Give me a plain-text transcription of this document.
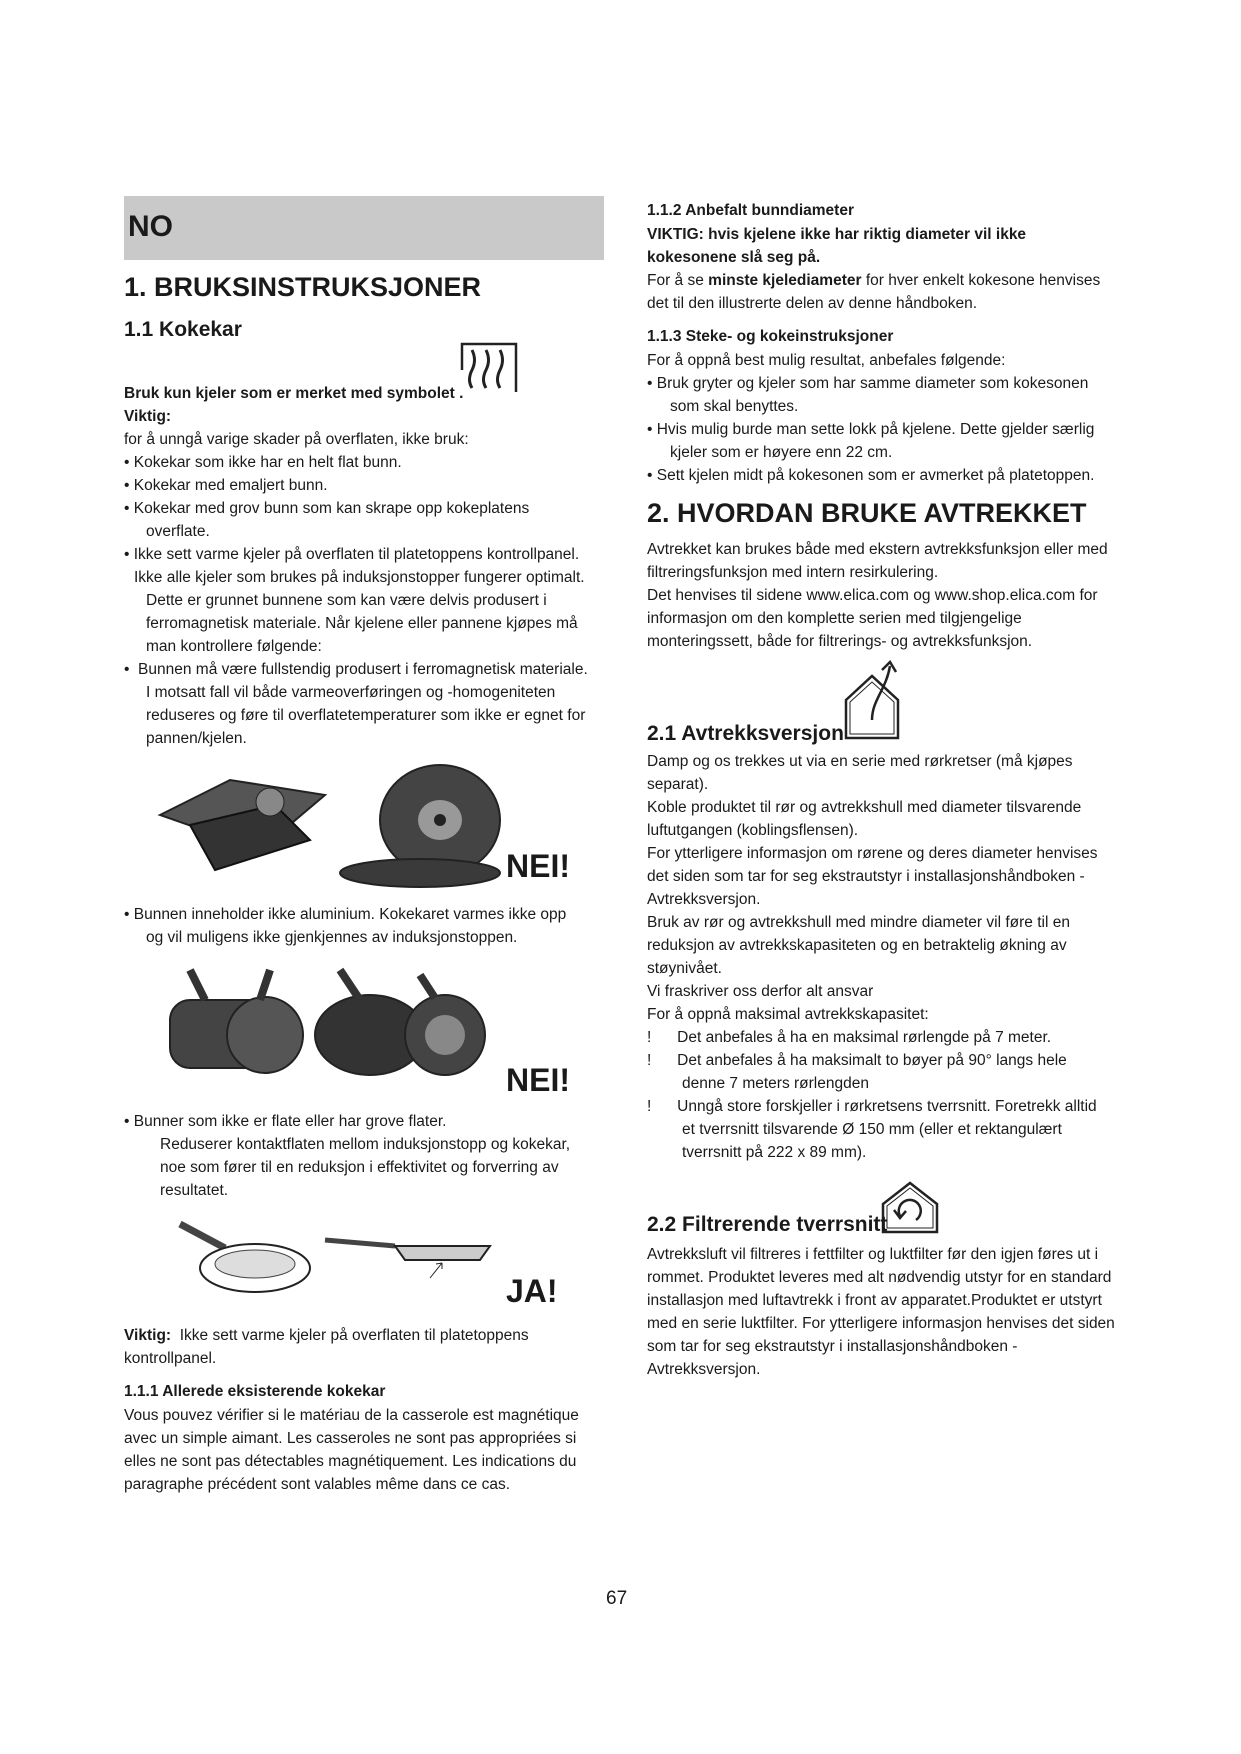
NO
1. BRUKSINSTRUKSJONER
1.1 Kokekar
Bruk kun kjeler som er merket med symbolet .
Viktig:
for å unngå varige skader på overflaten, ikke bruk:
• Kokekar som ikke har en helt flat bunn.
• Kokekar med emaljert bunn.
• Kokekar med grov bunn som kan skrape opp kokeplatens
overflate.
• Ikke sett varme kjeler på overflaten til platetoppens kontrollpanel.
Ikke alle kjeler som brukes på induksjonstopper fungerer optimalt.
Dette er grunnet bunnene som kan være delvis produsert i
ferromagnetisk materiale. Når kjelene eller pannene kjøpes må
man kontrollere følgende:
•  Bunnen må være fullstendig produsert i ferromagnetisk materiale.
I motsatt fall vil både varmeoverføringen og -homogeniteten
reduseres og føre til overflatetemperaturer som ikke er egnet for
pannen/kjelen.
NEI!
• Bunnen inneholder ikke aluminium. Kokekaret varmes ikke opp
og vil muligens ikke gjenkjennes av induksjonstoppen.
NEI!
• Bunner som ikke er flate eller har grove flater.
Reduserer kontaktflaten mellom induksjonstopp og kokekar,
noe som fører til en reduksjon i effektivitet og forverring av
resultatet.
JA!
Viktig: Ikke sett varme kjeler på overflaten til platetoppens
kontrollpanel.
1.1.1 Allerede eksisterende kokekar
Vous pouvez vérifier si le matériau de la casserole est magnétique
avec un simple aimant. Les casseroles ne sont pas appropriées si
elles ne sont pas détectables magnétiquement. Les indications du
paragraphe précédent sont valables même dans ce cas.
1.1.2 Anbefalt bunndiameter
VIKTIG: hvis kjelene ikke har riktig diameter vil ikke
kokesonene slå seg på.
For å se minste kjelediameter for hver enkelt kokesone henvises
det til den illustrerte delen av denne håndboken.
1.1.3 Steke- og kokeinstruksjoner
For å oppnå best mulig resultat, anbefales følgende:
• Bruk gryter og kjeler som har samme diameter som kokesonen
som skal benyttes.
• Hvis mulig burde man sette lokk på kjelene. Dette gjelder særlig
kjeler som er høyere enn 22 cm.
• Sett kjelen midt på kokesonen som er avmerket på platetoppen.
2. HVORDAN BRUKE AVTREKKET
Avtrekket kan brukes både med ekstern avtrekksfunksjon eller med
filtreringsfunksjon med intern resirkulering.
Det henvises til sidene www.elica.com og www.shop.elica.com for
informasjon om den komplette serien med tilgjengelige
monteringssett, både for filtrerings- og avtrekksfunksjon.
2.1 Avtrekksversjon
Damp og os trekkes ut via en serie med rørkretser (må kjøpes
separat).
Koble produktet til rør og avtrekkshull med diameter tilsvarende
luftutgangen (koblingsflensen).
For ytterligere informasjon om rørene og deres diameter henvises
det siden som tar for seg ekstrautstyr i installasjonshåndboken -
Avtrekksversjon.
Bruk av rør og avtrekkshull med mindre diameter vil føre til en
reduksjon av avtrekkskapasiteten og en betraktelig økning av
støynivået.
Vi fraskriver oss derfor alt ansvar
For å oppnå maksimal avtrekkskapasitet:
!      Det anbefales å ha en maksimal rørlengde på 7 meter.
!      Det anbefales å ha maksimalt to bøyer på 90° langs hele
denne 7 meters rørlengden
!      Unngå store forskjeller i rørkretsens tverrsnitt. Foretrekk alltid
et tverrsnitt tilsvarende Ø 150 mm (eller et rektangulært
tverrsnitt på 222 x 89 mm).
2.2 Filtrerende tverrsnitt
Avtrekksluft vil filtreres i fettfilter og luktfilter før den igjen føres ut i
rommet. Produktet leveres med alt nødvendig utstyr for en standard
installasjon med luftavtrekk i front av apparatet.Produktet er utstyrt
med en serie luktfilter. For ytterligere informasjon henvises det siden
som tar for seg ekstrautstyr i installasjonshåndboken -
Avtrekksversjon.
67
